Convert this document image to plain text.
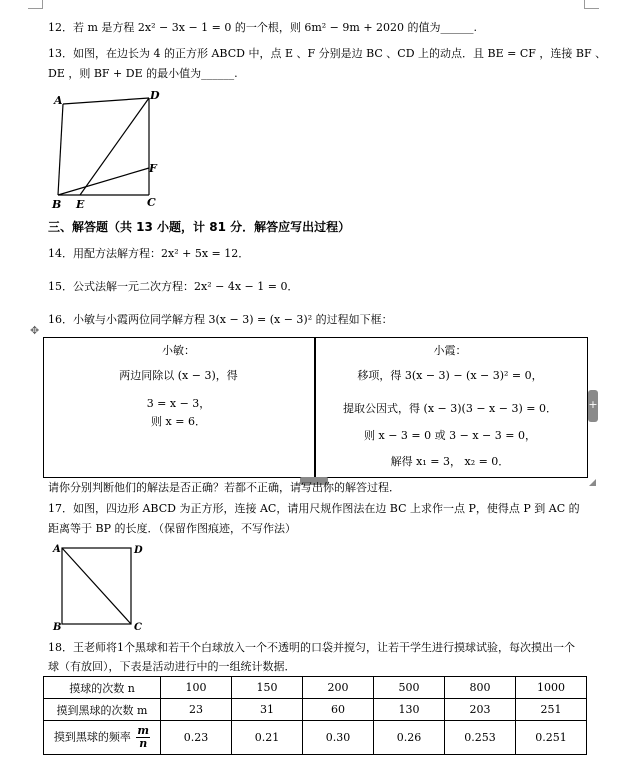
12．若 m 是方程 2x² − 3x − 1 = 0 的一个根，则 6m² − 9m + 2020 的值为______.
13．如图，在边长为 4 的正方形 ABCD 中，点 E 、F 分别是边 BC 、CD 上的动点．且 BE = CF ，连接 BF 、
DE ，则 BF + DE 的最小值为______.
A	D
F
B E	C
三、解答题（共 13 小题，计 81 分．解答应写出过程）
14．用配方法解方程：2x² + 5x = 12．
15．公式法解一元二次方程：2x² − 4x − 1 = 0．
16．小敏与小霞两位同学解方程 3(x − 3) = (x − 3)² 的过程如下框：
✥
小敏：
两边同除以 (x − 3)，得
3 = x − 3，
则 x = 6．
小霞：
移项，得 3(x − 3) − (x − 3)² = 0，
提取公因式，得 (x − 3)(3 − x − 3) = 0．
则 x − 3 = 0 或 3 − x − 3 = 0，
解得 x₁ = 3， x₂ = 0．
+
请你分别判断他们的解法是否正确？若都不正确，请写出你的解答过程．
17．如图，四边形 ABCD 为正方形，连接 AC，请用尺规作图法在边 BC 上求作一点 P，使得点 P 到 AC 的
距离等于 BP 的长度．（保留作图痕迹，不写作法）
A	D
B	C
18．王老师将1个黑球和若干个白球放入一个不透明的口袋并搅匀，让若干学生进行摸球试验，每次摸出一个
球（有放回），下表是活动进行中的一组统计数据．
摸球的次数 n	100	150	200	500	800	1000
摸到黑球的次数 m	23	31	60	130	203	251
摸到黑球的频率 $\frac{m}{n}$	0.23	0.21	0.30	0.26	0.253	0.251
